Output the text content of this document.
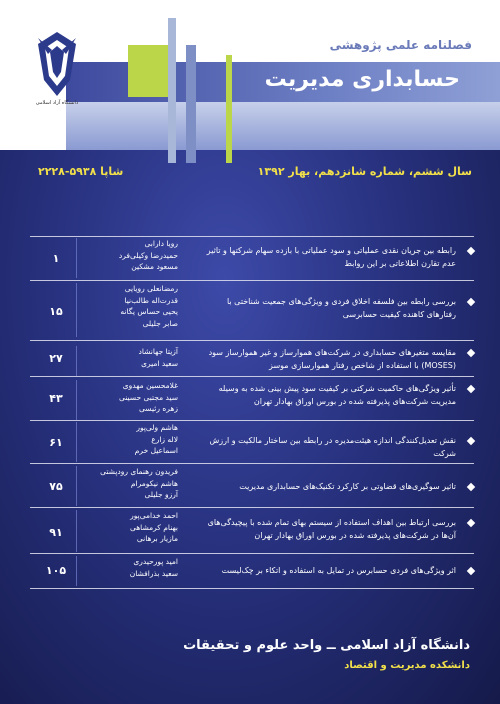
دانشگاه آزاد اسلامی
فصلنامه علمی پژوهشی
حسابداری مدیریت
سال ششم، شماره شانزدهم، بهار ۱۳۹۲
شاپا ۵۹۳۸-۲۲۲۸
۱
رویا دارابی
حمیدرضا وکیلی‌فرد
مسعود مشکین
رابطه بین جریان نقدی عملیاتی و سود عملیاتی با بازده سهام شرکتها و تاثیر عدم تقارن اطلاعاتی بر این روابط
۱۵
رمضانعلی رویایی
قدرت‌اله طالب‌نیا
یحیی حساس یگانه
صابر جلیلی
بررسی رابطه بین فلسفه اخلاق فردی و ویژگی‌های جمعیت شناختی با رفتارهای کاهنده کیفیت حسابرسی
۲۷
آزیتا جهانشاد
سعید امیری
مقایسه متغیرهای حسابداری در شرکت‌های هموارساز و غیر هموارساز سود (MOSES) با استفاده از شاخص رفتار هموارسازی موسز
۴۳
غلامحسین مهدوی
سید مجتبی حسینی
زهره رئیسی
تأثیر ویژگی‌های حاکمیت شرکتی بر کیفیت سود پیش بینی شده به وسیله مدیریت شرکت‌های پذیرفته شده در بورس اوراق بهادار تهران
۶۱
هاشم ولی‌پور
لاله زارع
اسماعیل خرم
نقش تعدیل‌کنندگی اندازه هیئت‌مدیره در رابطه بین ساختار مالکیت و ارزش شرکت
۷۵
فریدون رهنمای رودپشتی
هاشم نیکومرام
آرزو جلیلی
تاثیر سوگیری‌های قضاوتی بر کارکرد تکنیک‌های حسابداری مدیریت
۹۱
احمد خدامی‌پور
بهنام کرمشاهی
مازیار برهانی
بررسی ارتباط بین اهداف استفاده از سیستم بهای تمام شده با پیچیدگی‌های آن‌ها در شرکت‌های پذیرفته شده در بورس اوراق بهادار تهران
۱۰۵
امید پورحیدری
سعید بذرافشان	اثر ویژگی‌های فردی حسابرس در تمایل به استفاده و اتکاء بر چک‌لیست
دانشگاه آزاد اسلامی ــ واحد علوم و تحقیقات
دانشکده مدیریت و اقتصاد
